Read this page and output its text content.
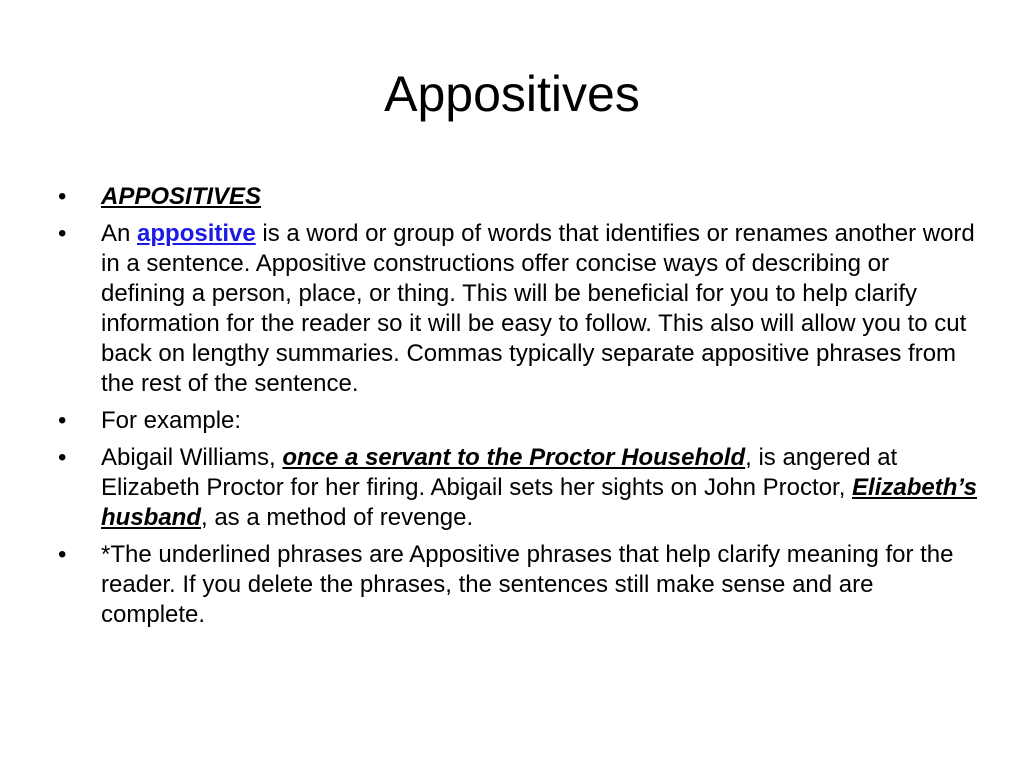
Appositives
•	APPOSITIVES
•	An appositive is a word or group of words that identifies or renames another word in a sentence. Appositive constructions offer concise ways of describing or defining a person, place, or thing. This will be beneficial for you to help clarify information for the reader so it will be easy to follow. This also will allow you to cut back on lengthy summaries. Commas typically separate appositive phrases from the rest of the sentence.
•	For example:
•	Abigail Williams, once a servant to the Proctor Household, is angered at Elizabeth Proctor for her firing. Abigail sets her sights on John Proctor, Elizabeth’s husband, as a method of revenge.
•	*The underlined phrases are Appositive phrases that help clarify meaning for the reader. If you delete the phrases, the sentences still make sense and are complete.
